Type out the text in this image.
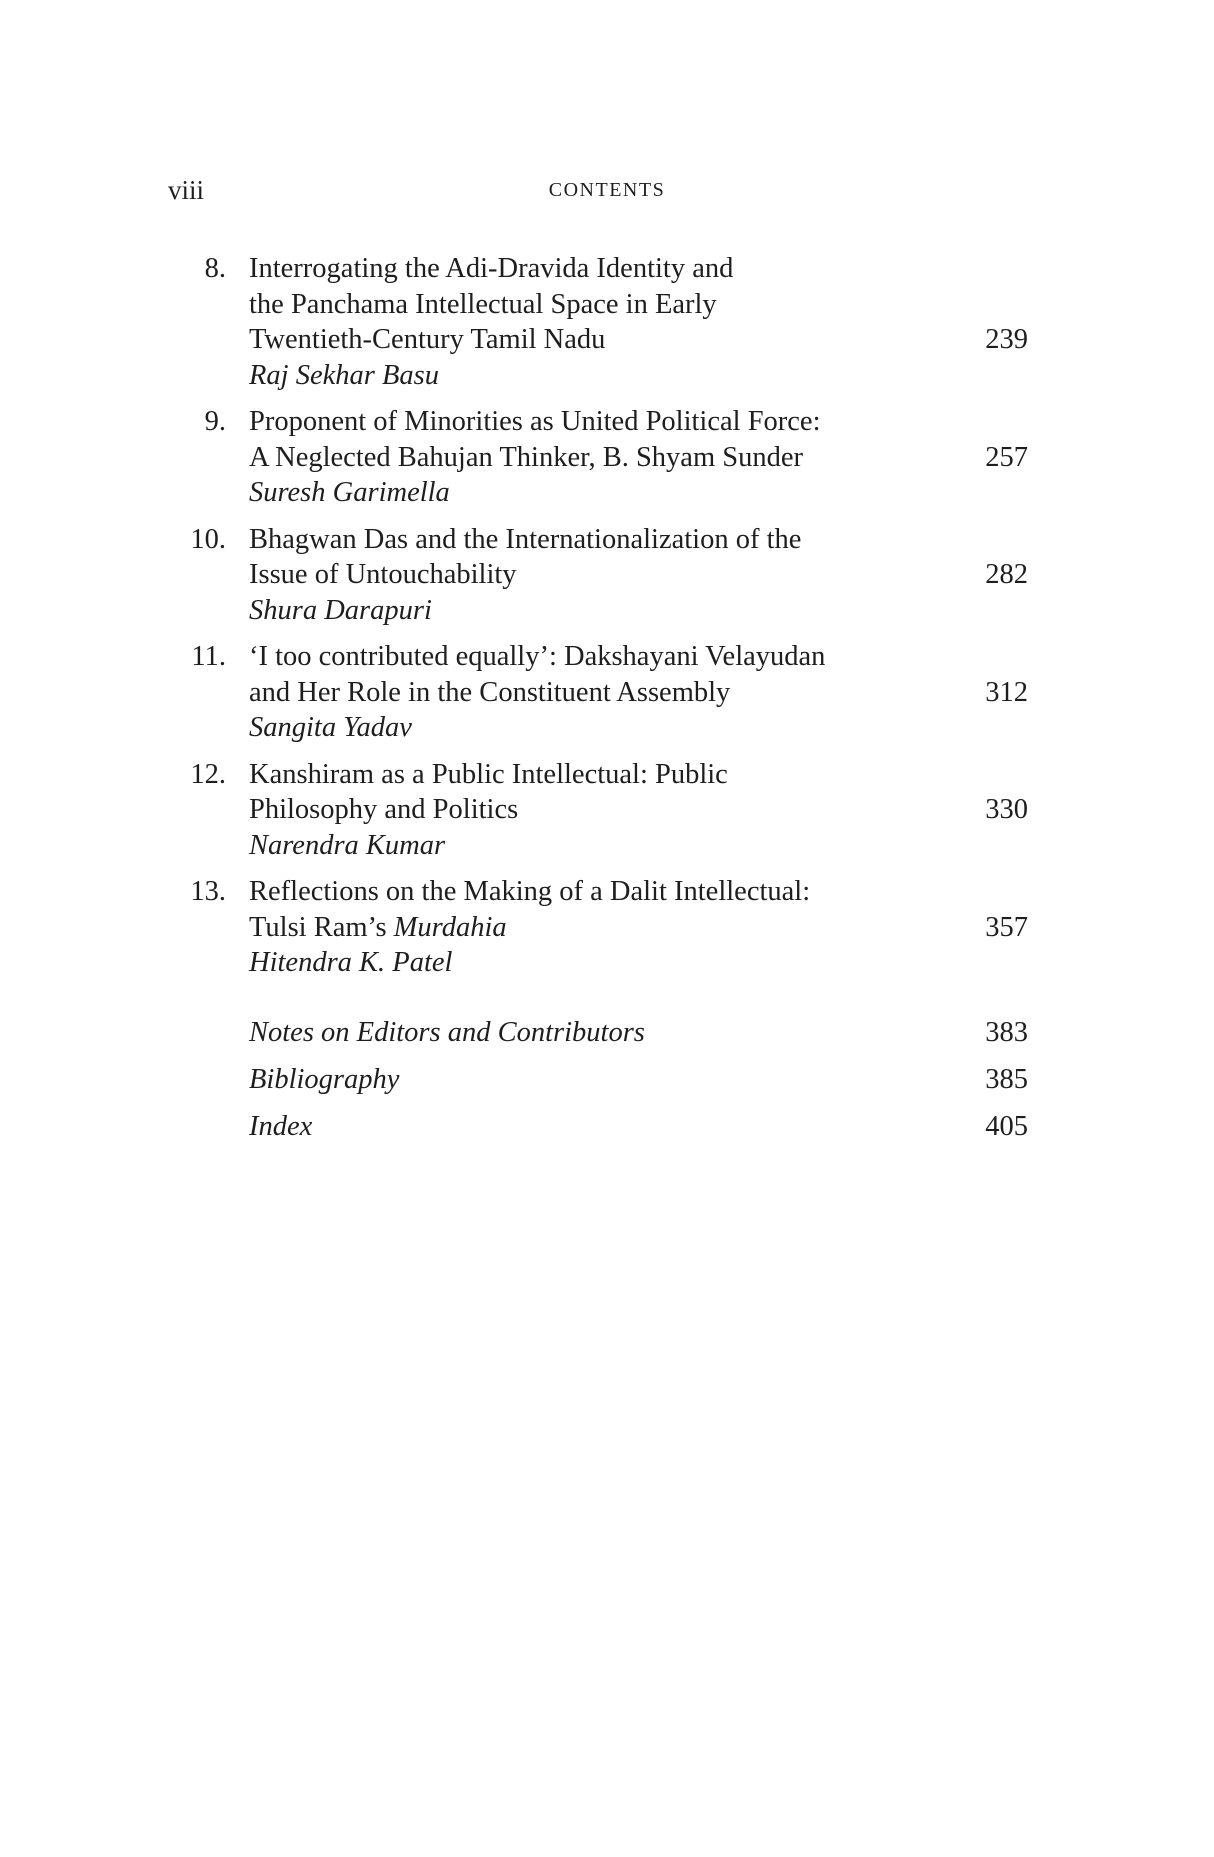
viii	CONTENTS
8. Interrogating the Adi-Dravida Identity and
the Panchama Intellectual Space in Early
Twentieth-Century Tamil Nadu	239
Raj Sekhar Basu
9. Proponent of Minorities as United Political Force:
A Neglected Bahujan Thinker, B. Shyam Sunder	257
Suresh Garimella
10. Bhagwan Das and the Internationalization of the
Issue of Untouchability	282
Shura Darapuri
11. ‘I too contributed equally’: Dakshayani Velayudan
and Her Role in the Constituent Assembly	312
Sangita Yadav
12. Kanshiram as a Public Intellectual: Public
Philosophy and Politics	330
Narendra Kumar
13. Reflections on the Making of a Dalit Intellectual:
Tulsi Ram’s Murdahia	357
Hitendra K. Patel
Notes on Editors and Contributors	383
Bibliography	385
Index	405
